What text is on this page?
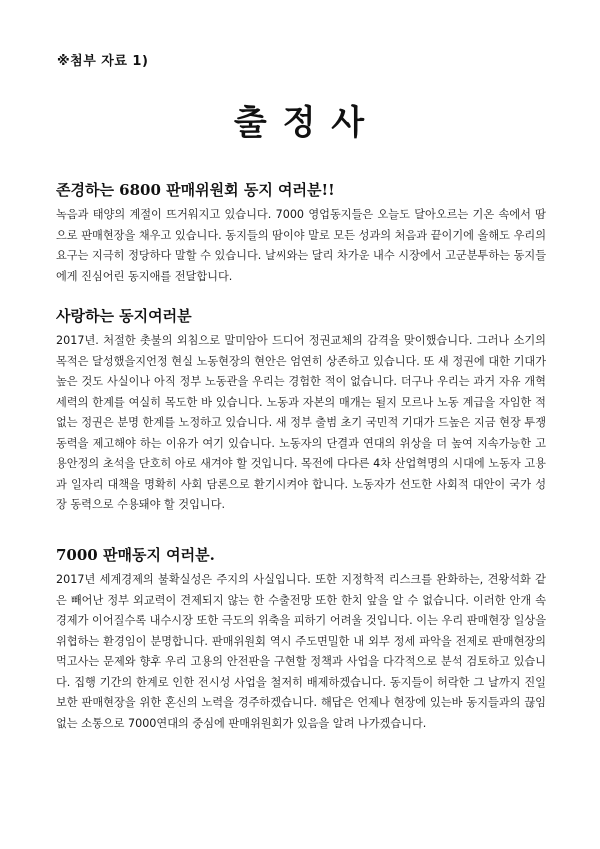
※첨부 자료 1)

출 정 사
존경하는 6800 판매위원회 동지 여러분!!

녹음과 태양의 계절이 뜨거워지고 있습니다. 7000 영업동지들은 오늘도 달아오르는 기온 속에서 땀으로 판매현장을 채우고 있습니다. 동지들의 땀이야 말로 모든 성과의 처음과 끝이기에 올해도 우리의 요구는 지극히 정당하다 말할 수 있습니다. 날씨와는 달리 차가운 내수 시장에서 고군분투하는 동지들에게 진심어린 동지애를 전달합니다.

사랑하는 동지여러분

2017년. 처절한 촛불의 외침으로 말미암아 드디어 정권교체의 감격을 맞이했습니다. 그러나 소기의 목적은 달성했을지언정 현실 노동현장의 현안은 엄연히 상존하고 있습니다. 또 새 정권에 대한 기대가 높은 것도 사실이나 아직 정부 노동관을 우리는 경험한 적이 없습니다. 더구나 우리는 과거 자유 개혁 세력의 한계를 여실히 목도한 바 있습니다. 노동과 자본의 매개는 될지 모르나 노동 계급을 자임한 적 없는 정권은 분명 한계를 노정하고 있습니다. 새 정부 출범 초기 국민적 기대가 드높은 지금 현장 투쟁 동력을 제고해야 하는 이유가 여기 있습니다. 노동자의 단결과 연대의 위상을 더 높여 지속가능한 고용안정의 초석을 단호히 아로 새겨야 할 것입니다. 목전에 다다른 4차 산업혁명의 시대에 노동자 고용과 일자리 대책을 명확히 사회 담론으로 환기시켜야 합니다. 노동자가 선도한 사회적 대안이 국가 성장 동력으로 수용돼야 할 것입니다.

7000 판매동지 여러분.

2017년 세계경제의 불확실성은 주지의 사실입니다. 또한 지정학적 리스크를 완화하는, 견왕석화 같은 빼어난 정부 외교력이 견제되지 않는 한 수출전망 또한 한치 앞을 알 수 없습니다. 이러한 안개 속 경제가 이어질수록 내수시장 또한 극도의 위축을 피하기 어려울 것입니다. 이는 우리 판매현장 일상을 위협하는 환경임이 분명합니다. 판매위원회 역시 주도면밀한 내 외부 정세 파악을 전제로 판매현장의 먹고사는 문제와 향후 우리 고용의 안전판을 구현할 정책과 사업을 다각적으로 분석 검토하고 있습니다. 집행 기간의 한계로 인한 전시성 사업을 철저히 배제하겠습니다. 동지들이 허락한 그 날까지 진일보한 판매현장을 위한 혼신의 노력을 경주하겠습니다. 해답은 언제나 현장에 있는바 동지들과의 끊임없는 소통으로 7000연대의 중심에 판매위원회가 있음을 알려 나가겠습니다.
